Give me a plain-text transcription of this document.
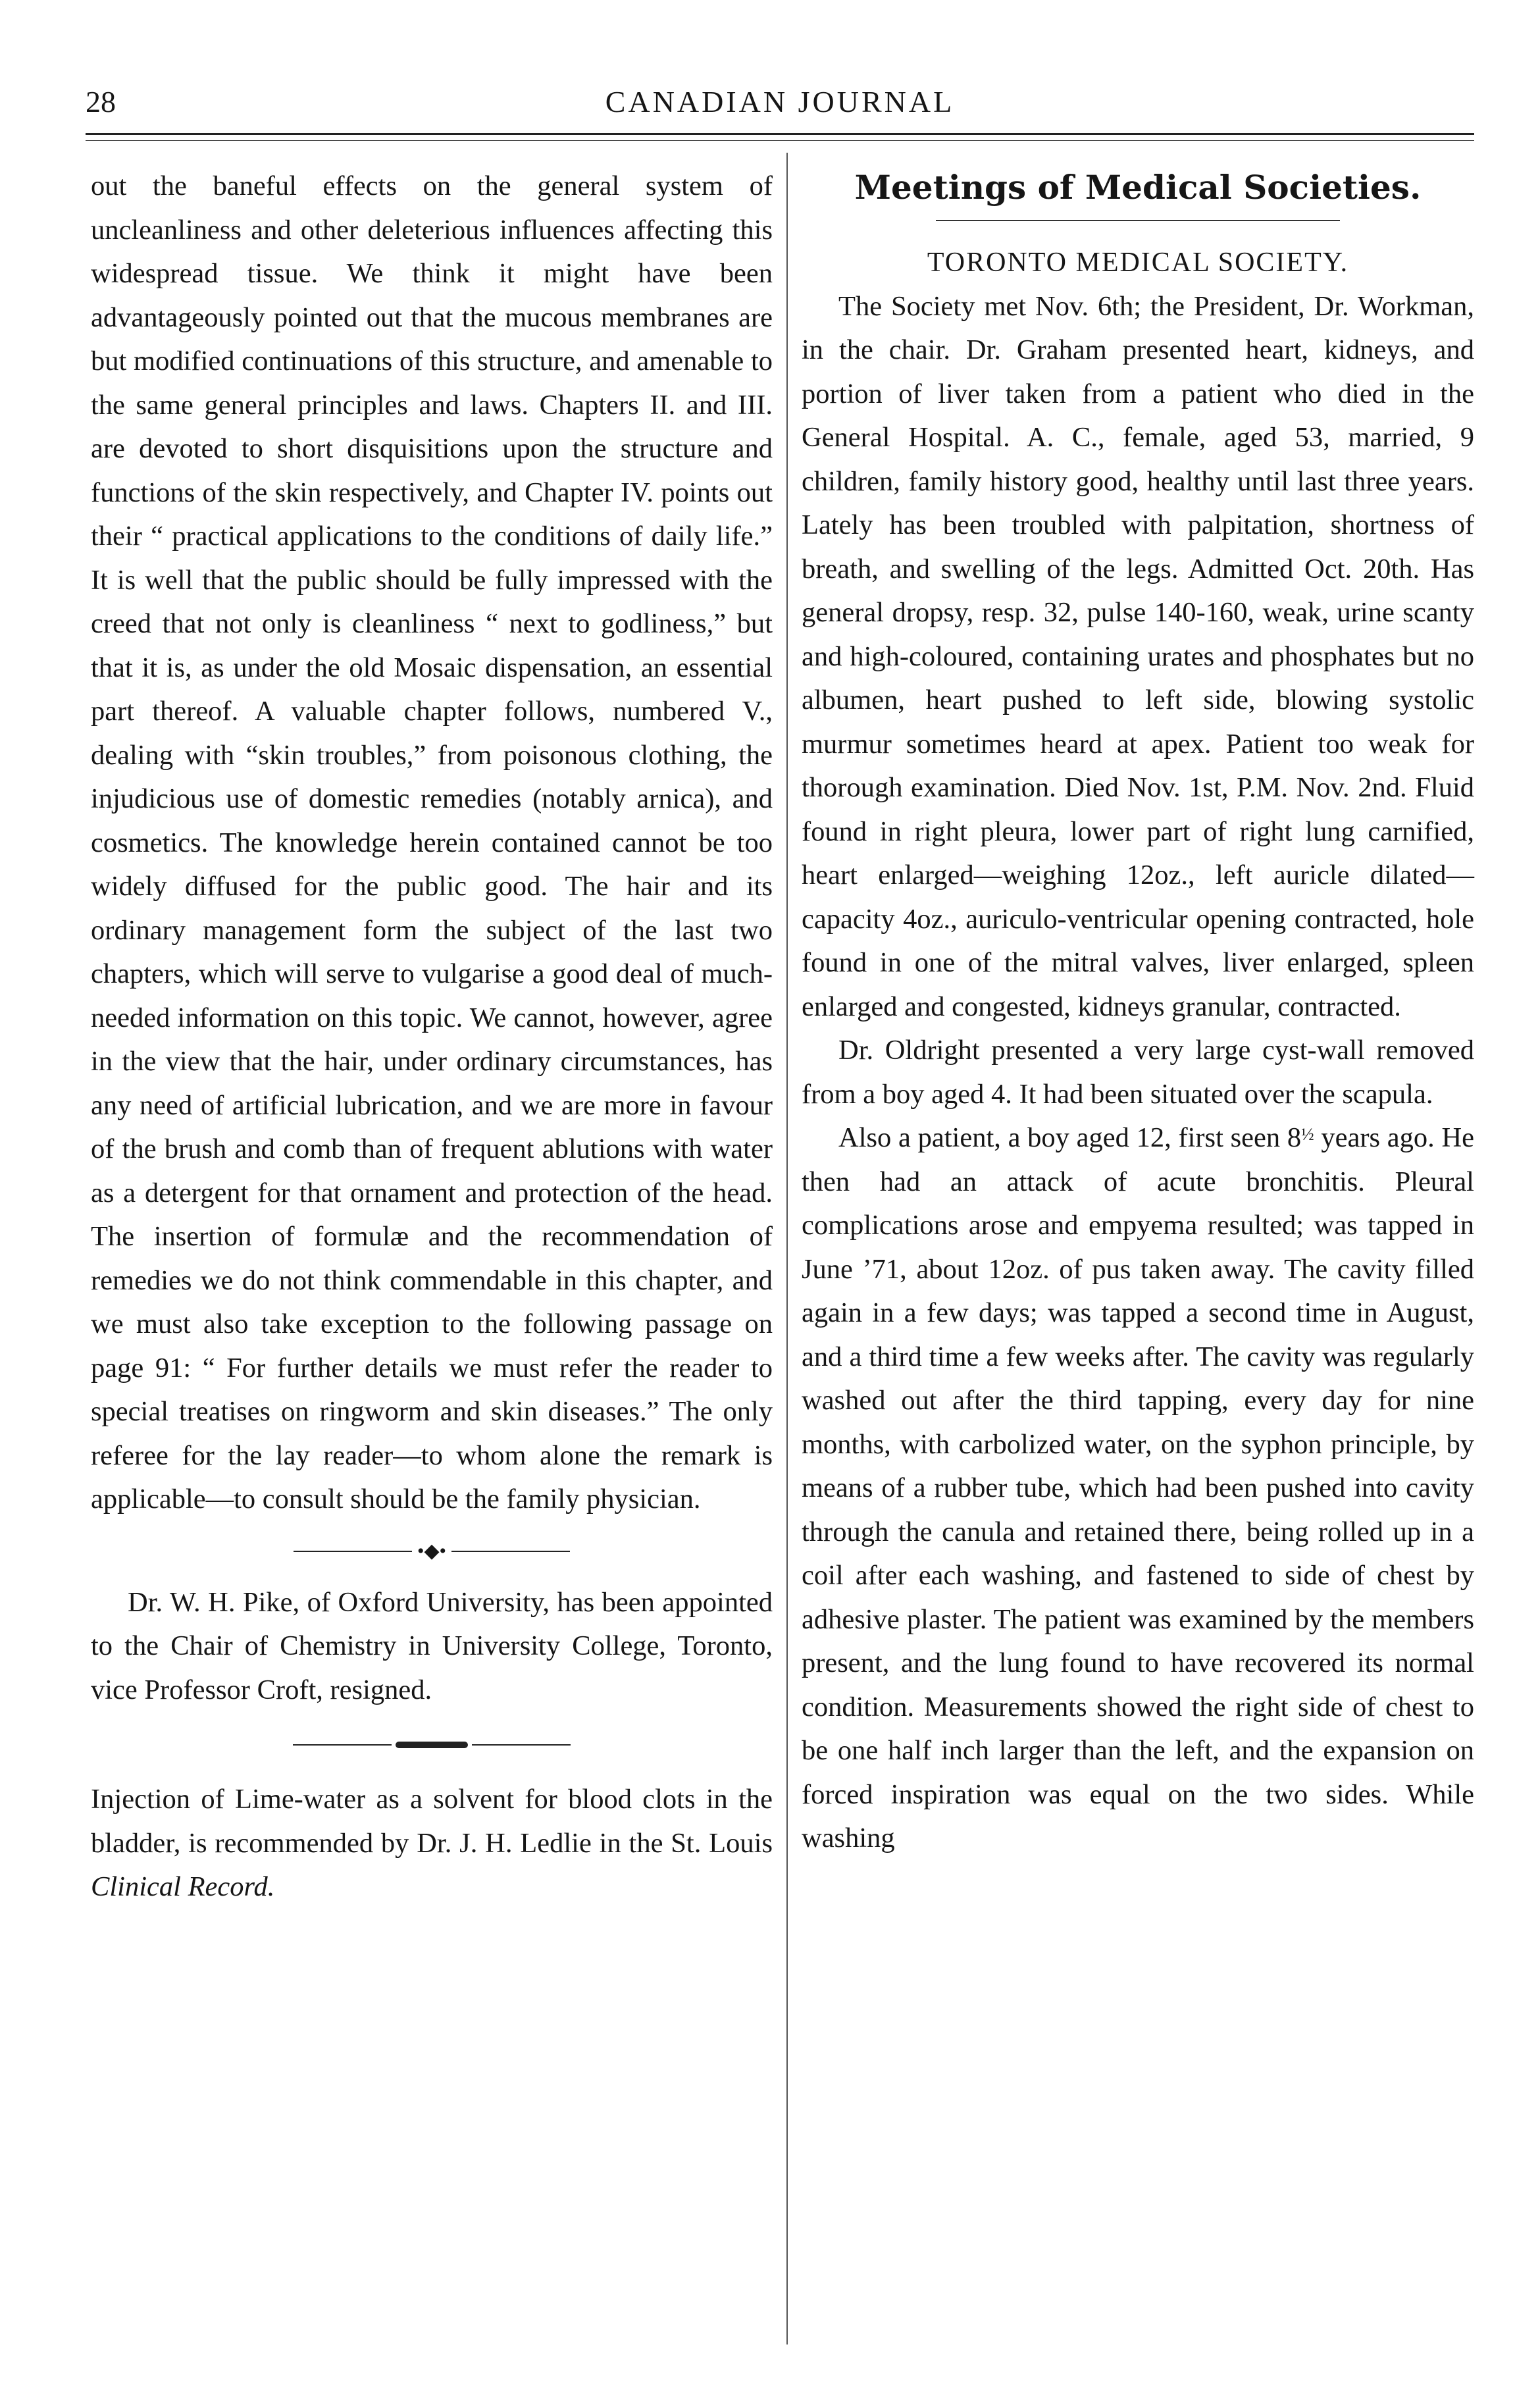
28	CANADIAN JOURNAL

out the baneful effects on the general system of uncleanliness and other deleterious influences affecting this widespread tissue. We think it might have been advantageously pointed out that the mucous membranes are but modified continuations of this structure, and amenable to the same general principles and laws. Chapters II. and III. are devoted to short disquisitions upon the structure and functions of the skin respectively, and Chapter IV. points out their “ practical applications to the conditions of daily life.” It is well that the public should be fully impressed with the creed that not only is cleanliness “ next to godliness,” but that it is, as under the old Mosaic dispensation, an essential part thereof. A valuable chapter follows, numbered V., dealing with “skin troubles,” from poisonous clothing, the injudicious use of domestic remedies (notably arnica), and cosmetics. The knowledge herein contained cannot be too widely diffused for the public good. The hair and its ordinary management form the subject of the last two chapters, which will serve to vulgarise a good deal of much-needed information on this topic. We cannot, however, agree in the view that the hair, under ordinary circumstances, has any need of artificial lubrication, and we are more in favour of the brush and comb than of frequent ablutions with water as a detergent for that ornament and protection of the head. The insertion of formulæ and the recommendation of remedies we do not think commendable in this chapter, and we must also take exception to the following passage on page 91: “ For further details we must refer the reader to special treatises on ringworm and skin diseases.” The only referee for the lay reader—to whom alone the remark is applicable—to consult should be the family physician.

•◆•

Dr. W. H. Pike, of Oxford University, has been appointed to the Chair of Chemistry in University College, Toronto, vice Professor Croft, resigned.

Injection of Lime-water as a solvent for blood clots in the bladder, is recommended by Dr. J. H. Ledlie in the St. Louis Clinical Record.

Meetings of Medical Societies.

TORONTO MEDICAL SOCIETY.

The Society met Nov. 6th; the President, Dr. Workman, in the chair. Dr. Graham presented heart, kidneys, and portion of liver taken from a patient who died in the General Hospital. A. C., female, aged 53, married, 9 children, family history good, healthy until last three years. Lately has been troubled with palpitation, shortness of breath, and swelling of the legs. Admitted Oct. 20th. Has general dropsy, resp. 32, pulse 140-160, weak, urine scanty and high-coloured, containing urates and phosphates but no albumen, heart pushed to left side, blowing systolic murmur sometimes heard at apex. Patient too weak for thorough examination. Died Nov. 1st, P.M. Nov. 2nd. Fluid found in right pleura, lower part of right lung carnified, heart enlarged—weighing 12oz., left auricle dilated—capacity 4oz., auriculo-ventricular opening contracted, hole found in one of the mitral valves, liver enlarged, spleen enlarged and congested, kidneys granular, contracted.

Dr. Oldright presented a very large cyst-wall removed from a boy aged 4. It had been situated over the scapula.

Also a patient, a boy aged 12, first seen 8½ years ago. He then had an attack of acute bronchitis. Pleural complications arose and empyema resulted; was tapped in June ’71, about 12oz. of pus taken away. The cavity filled again in a few days; was tapped a second time in August, and a third time a few weeks after. The cavity was regularly washed out after the third tapping, every day for nine months, with carbolized water, on the syphon principle, by means of a rubber tube, which had been pushed into cavity through the canula and retained there, being rolled up in a coil after each washing, and fastened to side of chest by adhesive plaster. The patient was examined by the members present, and the lung found to have recovered its normal condition. Measurements showed the right side of chest to be one half inch larger than the left, and the expansion on forced inspiration was equal on the two sides. While washing
